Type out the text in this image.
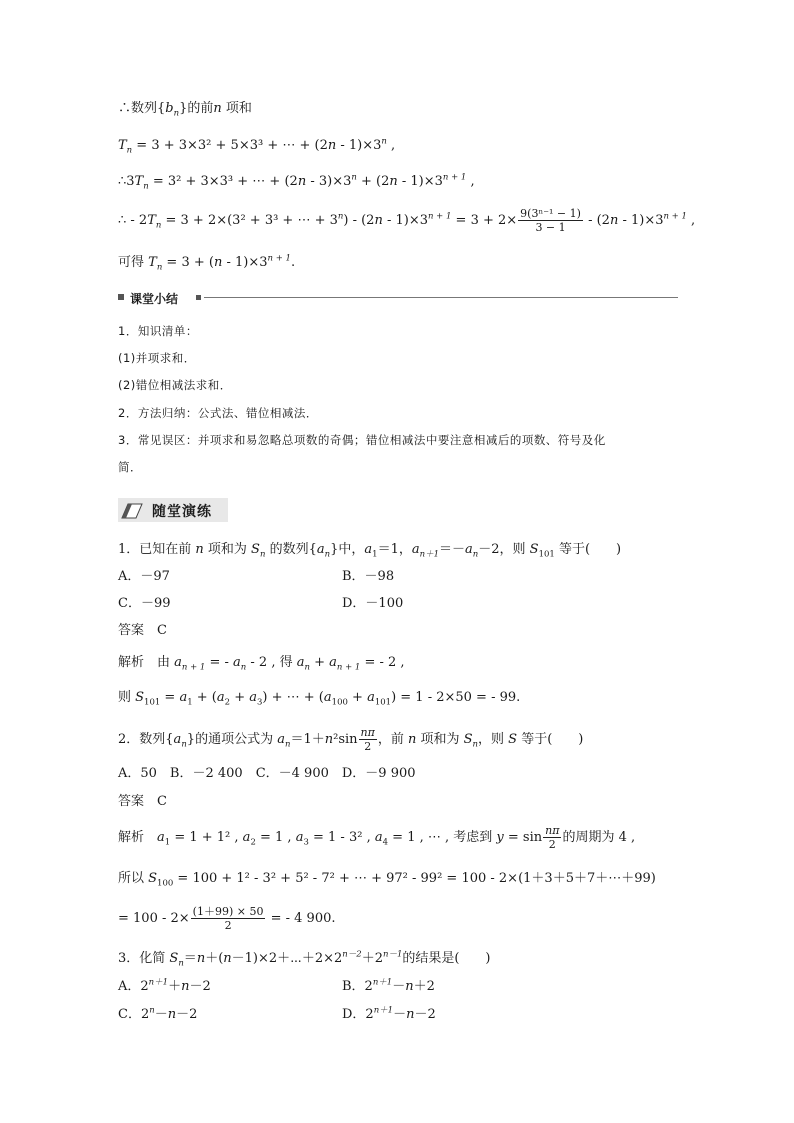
∴数列$\{b_n\}$的前n 项和
$T_n = 3 + 3\times 3^2 + 5\times 3^3$ + ⋯ + $(2n - 1)\times 3^n$ ,
$\therefore 3T_n = 3^2 + 3\times 3^3$ + ⋯ + $(2n - 3)\times 3^n + (2n - 1)\times 3^{n + 1}$ ,
∴ - $2T_n = 3 + 2\times(3^2 + 3^3$ + ⋯ + $3^n) - (2n - 1)\times 3^{n + 1} = 3 + 2\times \frac{\text{9(3ⁿ⁻¹ − 1)}}{3 - 1} - (2n - 1)\times 3^{n + 1}$ ,
可得 $T_n = 3 + (n - 1)\times 3^{n + 1}$.
课堂小结
1．知识清单：
(1)并项求和．
(2)错位相减法求和．
2．方法归纳：公式法、错位相减法．
3．常见误区：并项求和易忽略总项数的奇偶；错位相减法中要注意相减后的项数、符号及化
简．
随堂演练
1．已知在前 n 项和为 $S_n$ 的数列$\{a_n\}$中，$a_1=1$，$a_{n+1}=-a_n-2$，则 $S_{101}$ 等于(　　)
A．－97	B．－98
C．－99	D．－100
答案　C
解析　由 $a_{n + 1}$ = - $a_n - 2$ , 得 $a_n + a_{n + 1}$ = - 2 ,
则 $S_{101} = a_1 + (a_2 + a_3)$ + ⋯ + $(a_{100} + a_{101}) = 1 - 2\times 50$ = - 99.
2．数列$\{a_n\}$的通项公式为 $a_n=1+n^2\sin \frac{n\pi}{2}$ ，前 n 项和为 $S_n$，则 S 等于(　　)
A．50　B．－2 400　C．－4 900　D．－9 900
答案　C
解析　$a_1 = 1 + 1^2$ , $a_2 = 1$ , $a_3 = 1 - 3^2$ , $a_4 = 1$ , ⋯ , 考虑到 $y = \sin \frac{n\pi}{2}$ 的周期为 4 ,
所以 $S_{100} = 100 + 1^2 - 3^2 + 5^2 - 7^2$ + ⋯ + 97² - 99² = 100 - 2×(1＋3＋5＋7＋⋯＋99)
= $100 - 2\times \frac{(1+99) \times 50}{2}$ = - 4 900.
3．化简 $S_n=n+(n-1)\times 2+\cdots+2\times 2^{n-2}+2^{n-1}$的结果是(　　)
A．$2^{n+1}+n-2$	B．$2^{n+1}-n+2$
C．$2^n-n-2$	D．$2^{n+1}-n-2$
